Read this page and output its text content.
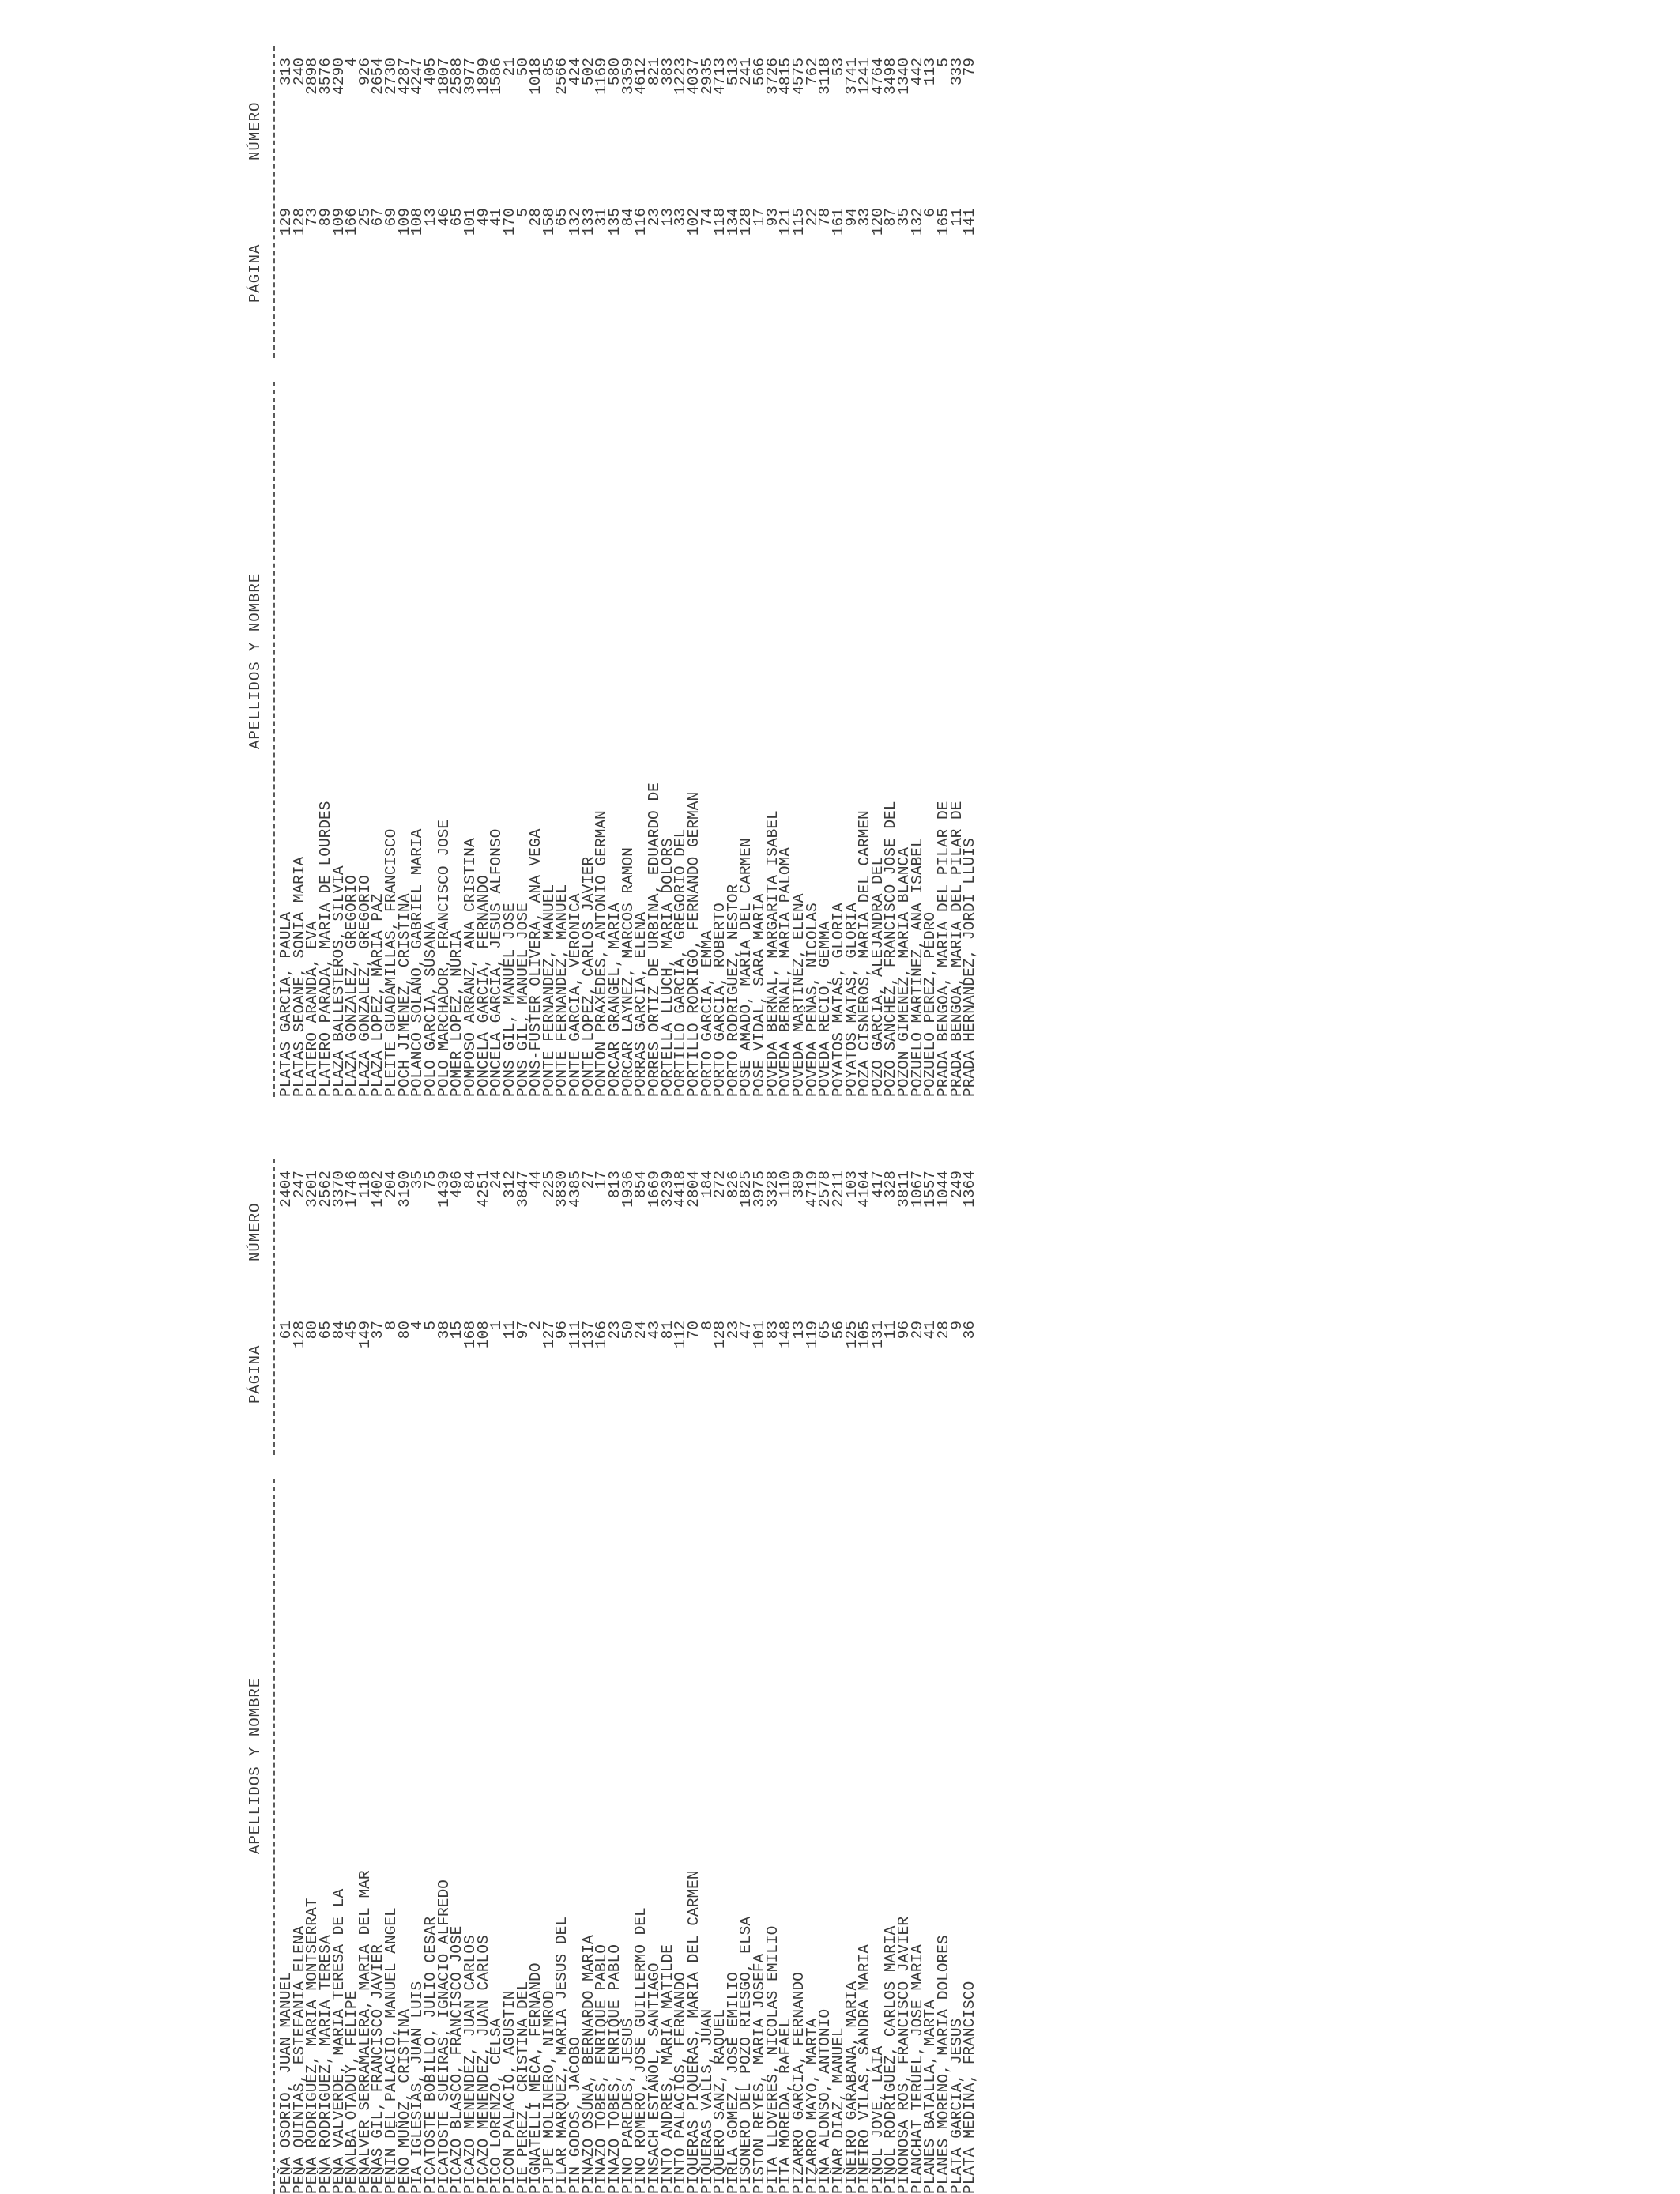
APELLIDOS Y NOMBRE
PÁGINA
NÚMERO
PEÑA OSORIO, JUAN MANUEL
61
2404
PEÑA QUINTAS, ESTEFANIA ELENA
128
247
PEÑA RODRIGUEZ, MARIA MONTSERRAT
80
3201
PEÑA RODRIGUEZ, MARIA TERESA
65
2562
PEÑA VALVERDE, MARIA TERESA DE LA
84
3370
PEÑALBA OTADUY, FELIPE
45
1746
PEÑALVER SERRAMALERA, MARIA DEL MAR
149
118
PEÑAS GIL, FRANCISCO JAVIER
37
1402
PEÑIN DEL PALACIO, MANUEL ANGEL
8
204
PEÑO MUÑOZ, CRISTINA
80
3190
PIA IGLESIAS, JUAN LUIS
4
35
PICATOSTE BOBILLO, JULIO CESAR
5
75
PICATOSTE SUEIRAS, IGNACIO ALFREDO
38
1439
PICAZO BLASCO, FRANCISCO JOSE
15
496
PICAZO MENENDEZ, JUAN CARLOS
168
84
PICAZO MENENDEZ, JUAN CARLOS
108
4251
PICO LORENZO, CELSA
1
24
PICON PALACIO, AGUSTIN
11
312
PIE PEREZ, CRISTINA DEL
97
3847
PIGNATELLI MECA, FERNANDO
2
44
PIJPE MOLINERO, NIMROD
127
225
PILAR MARQUEZ, MARIA JESUS DEL
96
3830
PIN GODOS, JACOBO
111
4385
PINAZO OSUNA, BERNARDO MARIA
137
27
PINAZO TOBES, ENRIQUE PABLO
166
17
PINAZO TOBES, ENRIQUE PABLO
23
813
PINO PAREDES, JESUS
50
1936
PINO ROMERO, JOSE GUILLERMO DEL
24
854
PINSACH ESTAÑOL, SANTIAGO
43
1669
PINTO ANDRES, MARIA MATILDE
81
3239
PINTO PALACIOS, FERNANDO
112
4418
PIQUERAS PIQUERAS, MARIA DEL CARMEN
70
2804
PIQUERAS VALLS, JUAN
8
184
PIQUERO SANZ, RAQUEL
128
272
PIRLA GOMEZ, JOSE EMILIO
23
826
PISONERO DEL POZO RIESGO, ELSA
47
1825
PISTON REYES, MARIA JOSEFA
101
3975
PITA LLOVERES, NICOLAS EMILIO
83
3328
PITA MOREDA, RAFAEL
148
110
PIZARRO GARCIA, FERNANDO
13
389
PIZARRO MAYO, MARTA
119
4719
PIÑA ALONSO, ANTONIO
65
2578
PIÑAR DIAZ, MANUEL
56
2211
PIÑEIRO GARABANA, MARIA
125
103
PIÑEIRO VILAS, SANDRA MARIA
105
4104
PIÑOL JOVE, LAIA
131
417
PIÑOL RODRIGUEZ, CARLOS MARIA
11
328
PIÑONOSA ROS, FRANCISCO JAVIER
96
3811
PLANCHAT TERUEL, JOSE MARIA
29
1067
PLANES BATALLA, MARTA
41
1557
PLANES MORENO, MARIA DOLORES
28
1044
PLATA GARCIA, JESUS
9
249
PLATA MEDINA, FRANCISCO
36
1364
APELLIDOS Y NOMBRE
PÁGINA
NÚMERO
PLATAS GARCIA, PAULA
129
313
PLATAS SEOANE, SONIA MARIA
128
240
PLATERO ARANDA, EVA
73
2898
PLATERO PARADA, MARIA DE LOURDES
89
3576
PLAZA BALLESTEROS, SILVIA
109
4290
PLAZA GONZALEZ, GREGORIO
166
4
PLAZA GONZALEZ, GREGORIO
25
926
PLAZA LOPEZ, MARIA PAZ
67
2654
PLEITE GUADAMILLAS, FRANCISCO
69
2730
POCH JIMENEZ, CRISTINA
109
4287
POLANCO SOLANO, GABRIEL MARIA
108
4247
POLO GARCIA, SUSANA
13
405
POLO MARCHADOR, FRANCISCO JOSE
46
1807
POMER LOPEZ, NURIA
65
2588
POMPOSO ARRANZ, ANA CRISTINA
101
3977
PONCELA GARCIA, FERNANDO
49
1899
PONCELA GARCIA, JESUS ALFONSO
41
1586
PONS GIL, MANUEL JOSE
170
21
PONS GIL, MANUEL JOSE
5
50
PONS-FUSTER OLIVERA, ANA VEGA
28
1018
PONTE FERNANDEZ, MANUEL
158
85
PONTE FERNANDEZ, MANUEL
65
2566
PONTE GARCIA, VERONICA
132
424
PONTE LOPEZ, CARLOS JAVIER
133
502
PONTON PRAXEDES, ANTONIO GERMAN
31
1169
PORCAR GRANGEL, MARIA
135
580
PORCAR LAYNEZ, MARCOS RAMON
84
3359
PORRAS GARCIA, ELENA
116
4612
PORRES ORTIZ DE URBINA, EDUARDO DE
23
821
PORTELLA LLUCH, MARIA DOLORS
13
383
PORTILLO GARCIA, GREGORIO DEL
33
1223
PORTILLO RODRIGO, FERNANDO GERMAN
102
4037
PORTO GARCIA, EMMA
74
2935
PORTO GARCIA, ROBERTO
118
4713
PORTO RODRIGUEZ, NESTOR
134
513
POSE AMADO, MARIA DEL CARMEN
128
241
POSE VIDAL, SARA MARIA
17
566
POVEDA BERNAL, MARGARITA ISABEL
93
3726
POVEDA BERNAL, MARIA PALOMA
121
4815
POVEDA MARTINEZ, ELENA
115
4575
POVEDA PEÑAS, NICOLAS
22
762
POVEDA RECIO, GEMMA
78
3118
POYATOS MATAS, GLORIA
161
53
POYATOS MATAS, GLORIA
94
3741
POZA CISNEROS, MARIA DEL CARMEN
33
1241
POZO GARCIA, ALEJANDRA DEL
120
4764
POZO SANCHEZ, FRANCISCO JOSE DEL
87
3498
POZON GIMENEZ, MARIA BLANCA
35
1340
POZUELO MARTINEZ, ANA ISABEL
132
442
POZUELO PEREZ, PEDRO
6
113
PRADA BENGOA, MARIA DEL PILAR DE
165
5
PRADA BENGOA, MARIA DEL PILAR DE
11
333
PRADA HERNANDEZ, JORDI LLUIS
141
79
